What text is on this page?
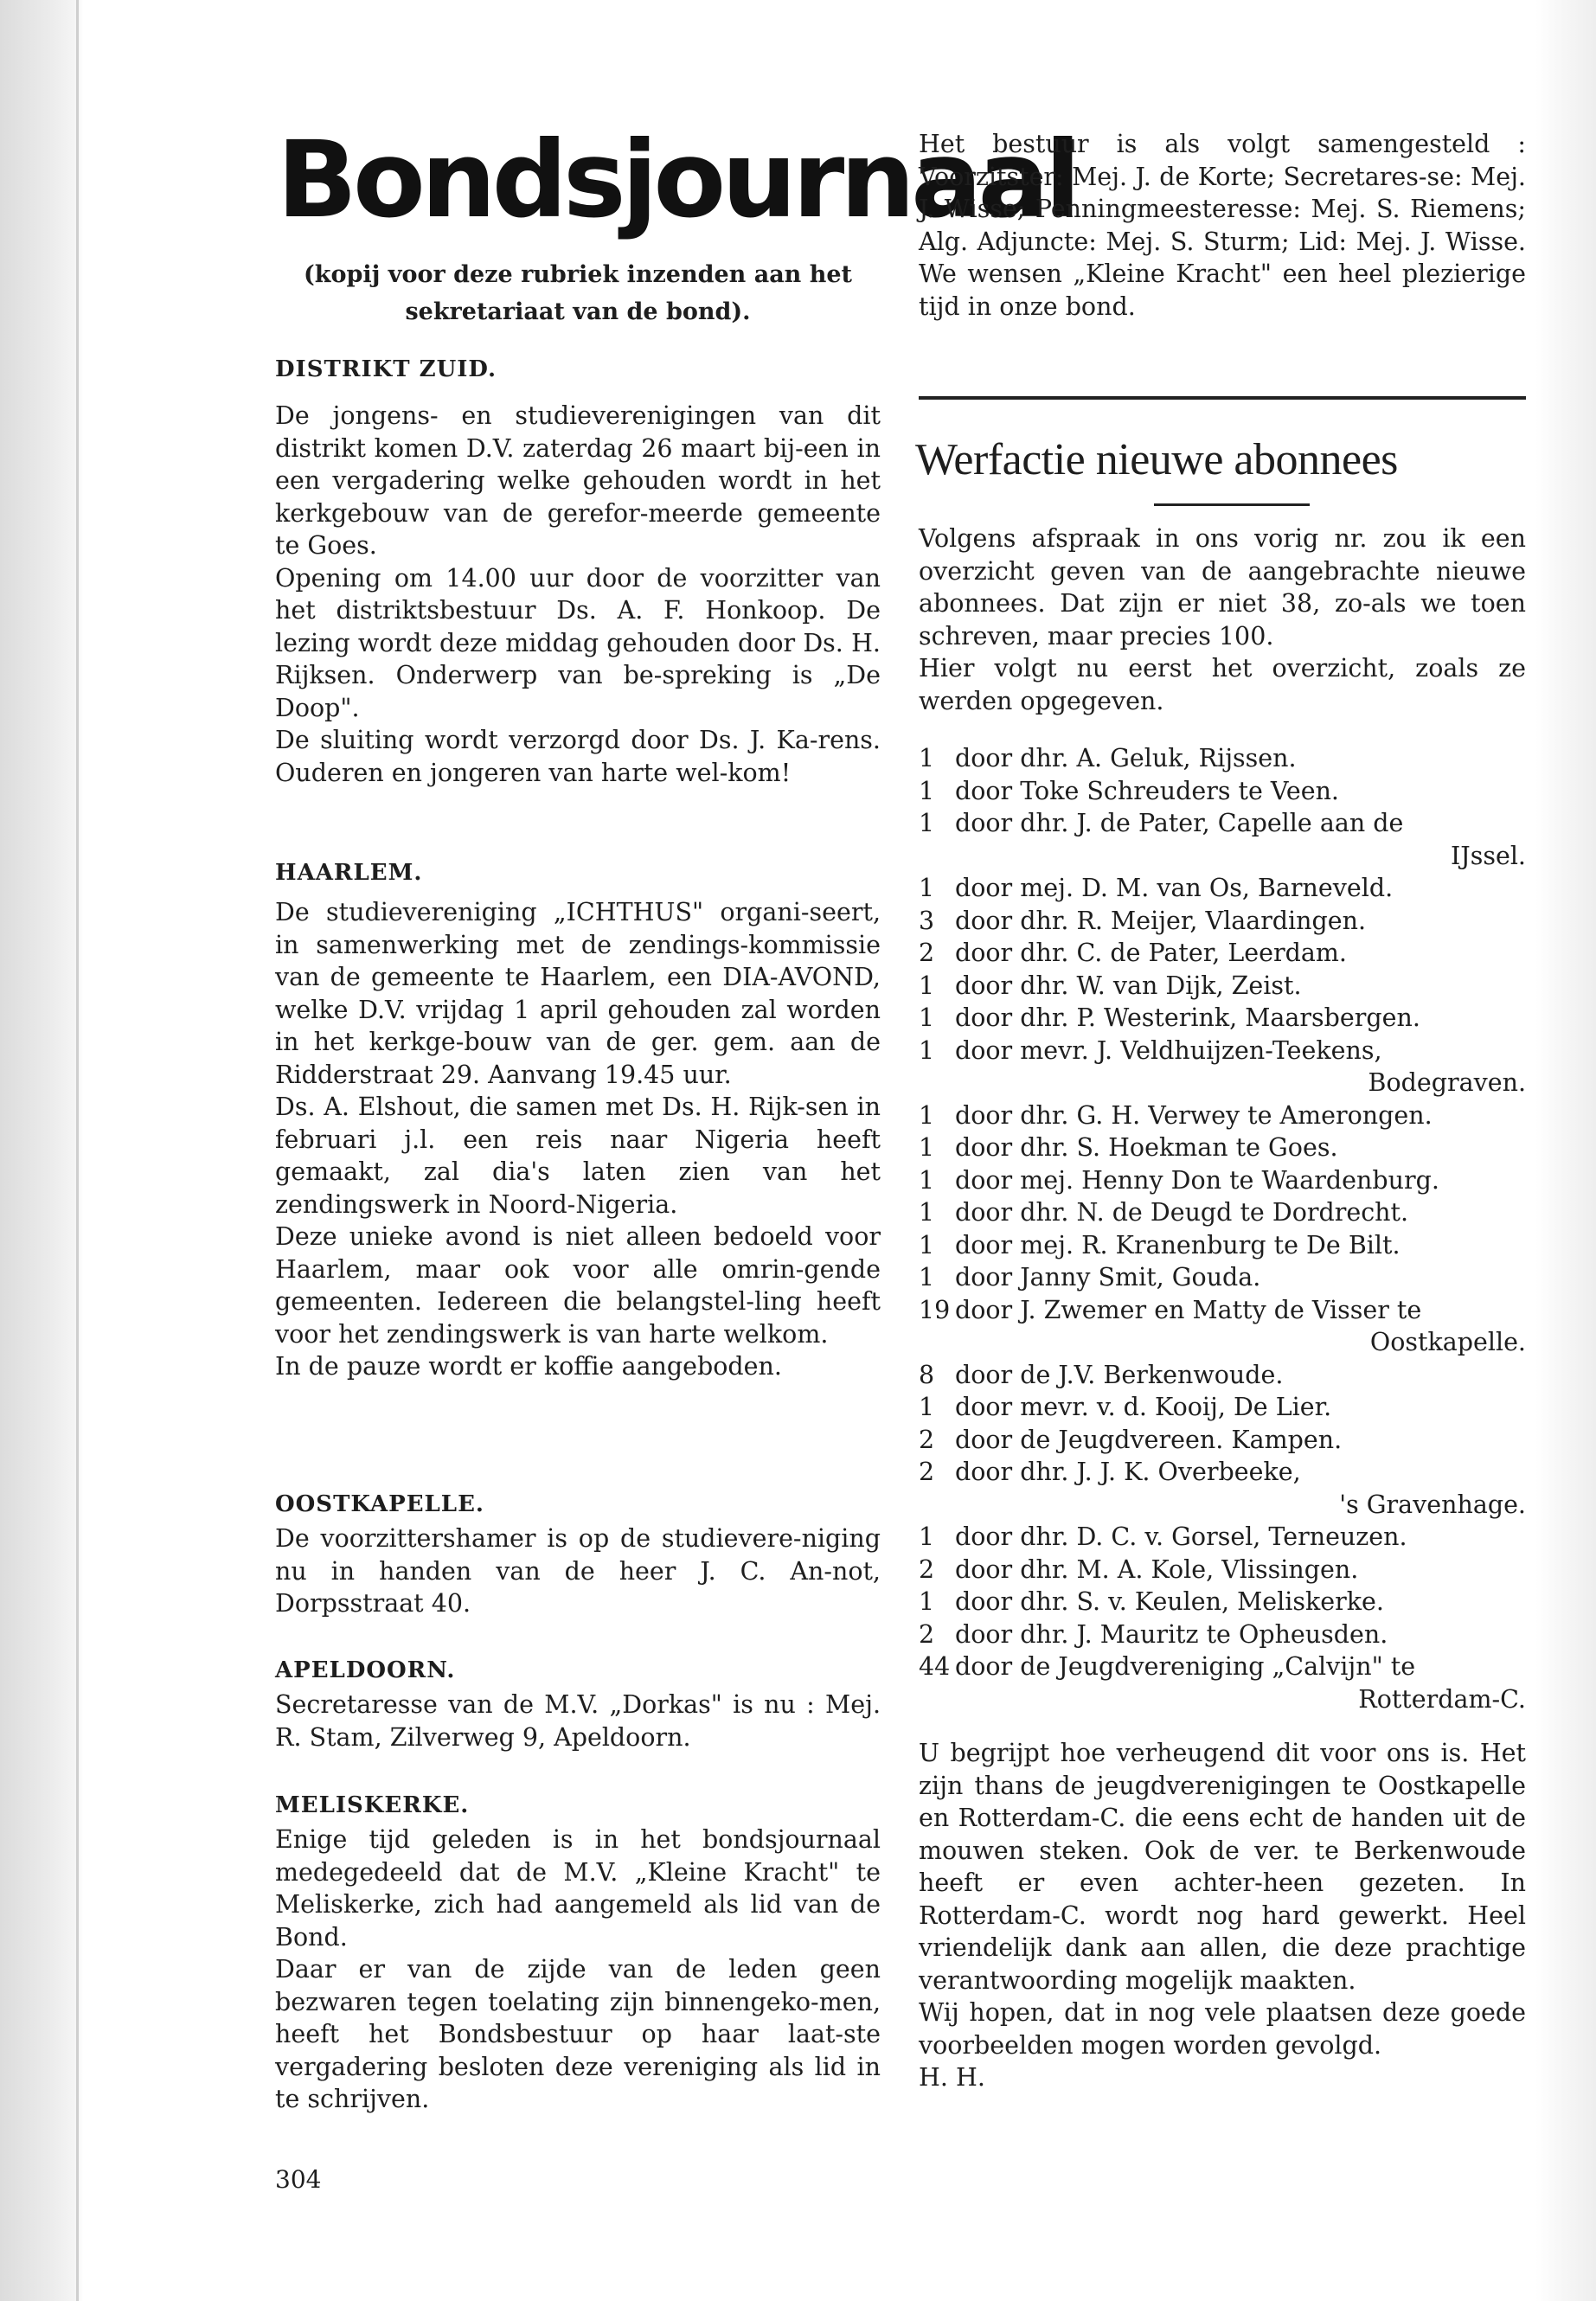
Bondsjournaal
(kopij voor deze rubriek inzenden aan het sekretariaat van de bond).
DISTRIKT ZUID.
De jongens- en studieverenigingen van dit distrikt komen D.V. zaterdag 26 maart bij-een in een vergadering welke gehouden wordt in het kerkgebouw van de gerefor-meerde gemeente te Goes.
Opening om 14.00 uur door de voorzitter van het distriktsbestuur Ds. A. F. Honkoop. De lezing wordt deze middag gehouden door Ds. H. Rijksen. Onderwerp van be-spreking is „De Doop".
De sluiting wordt verzorgd door Ds. J. Ka-rens. Ouderen en jongeren van harte wel-kom!
HAARLEM.
De studievereniging „ICHTHUS" organi-seert, in samenwerking met de zendings-kommissie van de gemeente te Haarlem, een DIA-AVOND, welke D.V. vrijdag 1 april gehouden zal worden in het kerkge-bouw van de ger. gem. aan de Ridderstraat 29. Aanvang 19.45 uur.
Ds. A. Elshout, die samen met Ds. H. Rijk-sen in februari j.l. een reis naar Nigeria heeft gemaakt, zal dia's laten zien van het zendingswerk in Noord-Nigeria.
Deze unieke avond is niet alleen bedoeld voor Haarlem, maar ook voor alle omrin-gende gemeenten. Iedereen die belangstel-ling heeft voor het zendingswerk is van harte welkom.
In de pauze wordt er koffie aangeboden.
OOSTKAPELLE.
De voorzittershamer is op de studievere-niging nu in handen van de heer J. C. An-not, Dorpsstraat 40.
APELDOORN.
Secretaresse van de M.V. „Dorkas" is nu : Mej. R. Stam, Zilverweg 9, Apeldoorn.
MELISKERKE.
Enige tijd geleden is in het bondsjournaal medegedeeld dat de M.V. „Kleine Kracht" te Meliskerke, zich had aangemeld als lid van de Bond.
Daar er van de zijde van de leden geen bezwaren tegen toelating zijn binnengeko-men, heeft het Bondsbestuur op haar laat-ste vergadering besloten deze vereniging als lid in te schrijven.
304
Het bestuur is als volgt samengesteld : Voorzitster: Mej. J. de Korte; Secretares-se: Mej. J. Wisse; Penningmeesteresse: Mej. S. Riemens; Alg. Adjuncte: Mej. S. Sturm; Lid: Mej. J. Wisse. We wensen „Kleine Kracht" een heel plezierige tijd in onze bond.
Werfactie nieuwe abonnees
Volgens afspraak in ons vorig nr. zou ik een overzicht geven van de aangebrachte nieuwe abonnees. Dat zijn er niet 38, zo-als we toen schreven, maar precies 100.
Hier volgt nu eerst het overzicht, zoals ze werden opgegeven.
1 door dhr. A. Geluk, Rijssen.
1 door Toke Schreuders te Veen.
1 door dhr. J. de Pater, Capelle aan de
IJssel.
1 door mej. D. M. van Os, Barneveld.
3 door dhr. R. Meijer, Vlaardingen.
2 door dhr. C. de Pater, Leerdam.
1 door dhr. W. van Dijk, Zeist.
1 door dhr. P. Westerink, Maarsbergen.
1 door mevr. J. Veldhuijzen-Teekens,
Bodegraven.
1 door dhr. G. H. Verwey te Amerongen.
1 door dhr. S. Hoekman te Goes.
1 door mej. Henny Don te Waardenburg.
1 door dhr. N. de Deugd te Dordrecht.
1 door mej. R. Kranenburg te De Bilt.
1 door Janny Smit, Gouda.
19 door J. Zwemer en Matty de Visser te
Oostkapelle.
8 door de J.V. Berkenwoude.
1 door mevr. v. d. Kooij, De Lier.
2 door de Jeugdvereen. Kampen.
2 door dhr. J. J. K. Overbeeke,
's Gravenhage.
1 door dhr. D. C. v. Gorsel, Terneuzen.
2 door dhr. M. A. Kole, Vlissingen.
1 door dhr. S. v. Keulen, Meliskerke.
2 door dhr. J. Mauritz te Opheusden.
44 door de Jeugdvereniging „Calvijn" te
Rotterdam-C.
U begrijpt hoe verheugend dit voor ons is. Het zijn thans de jeugdverenigingen te Oostkapelle en Rotterdam-C. die eens echt de handen uit de mouwen steken. Ook de ver. te Berkenwoude heeft er even achter-heen gezeten. In Rotterdam-C. wordt nog hard gewerkt. Heel vriendelijk dank aan allen, die deze prachtige verantwoording mogelijk maakten.
Wij hopen, dat in nog vele plaatsen deze goede voorbeelden mogen worden gevolgd.
H. H.
